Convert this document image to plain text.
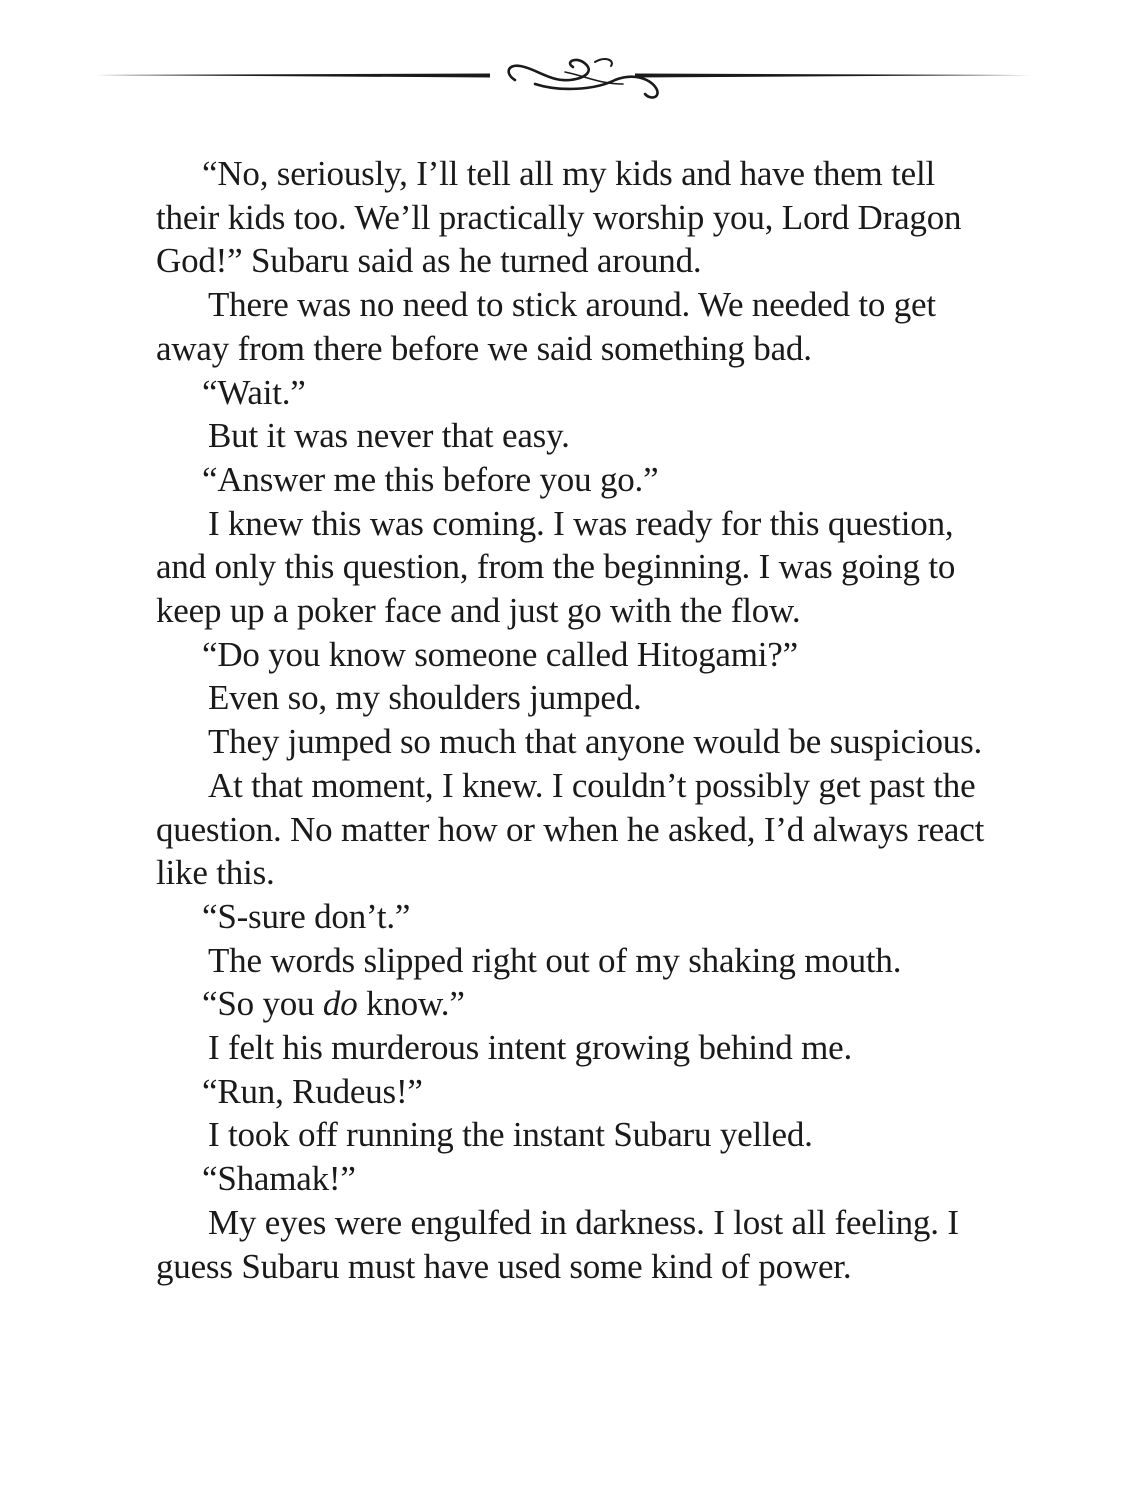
“No, seriously, I’ll tell all my kids and have them tell their kids too. We’ll practically worship you, Lord Dragon God!” Subaru said as he turned around.

There was no need to stick around. We needed to get away from there before we said something bad.

“Wait.”

But it was never that easy.

“Answer me this before you go.”

I knew this was coming. I was ready for this question, and only this question, from the beginning. I was going to keep up a poker face and just go with the flow.

“Do you know someone called Hitogami?”

Even so, my shoulders jumped.

They jumped so much that anyone would be suspicious.

At that moment, I knew. I couldn’t possibly get past the question. No matter how or when he asked, I’d always react like this.

“S-sure don’t.”

The words slipped right out of my shaking mouth.

“So you do know.”

I felt his murderous intent growing behind me.

“Run, Rudeus!”

I took off running the instant Subaru yelled.

“Shamak!”

My eyes were engulfed in darkness. I lost all feeling. I guess Subaru must have used some kind of power.
